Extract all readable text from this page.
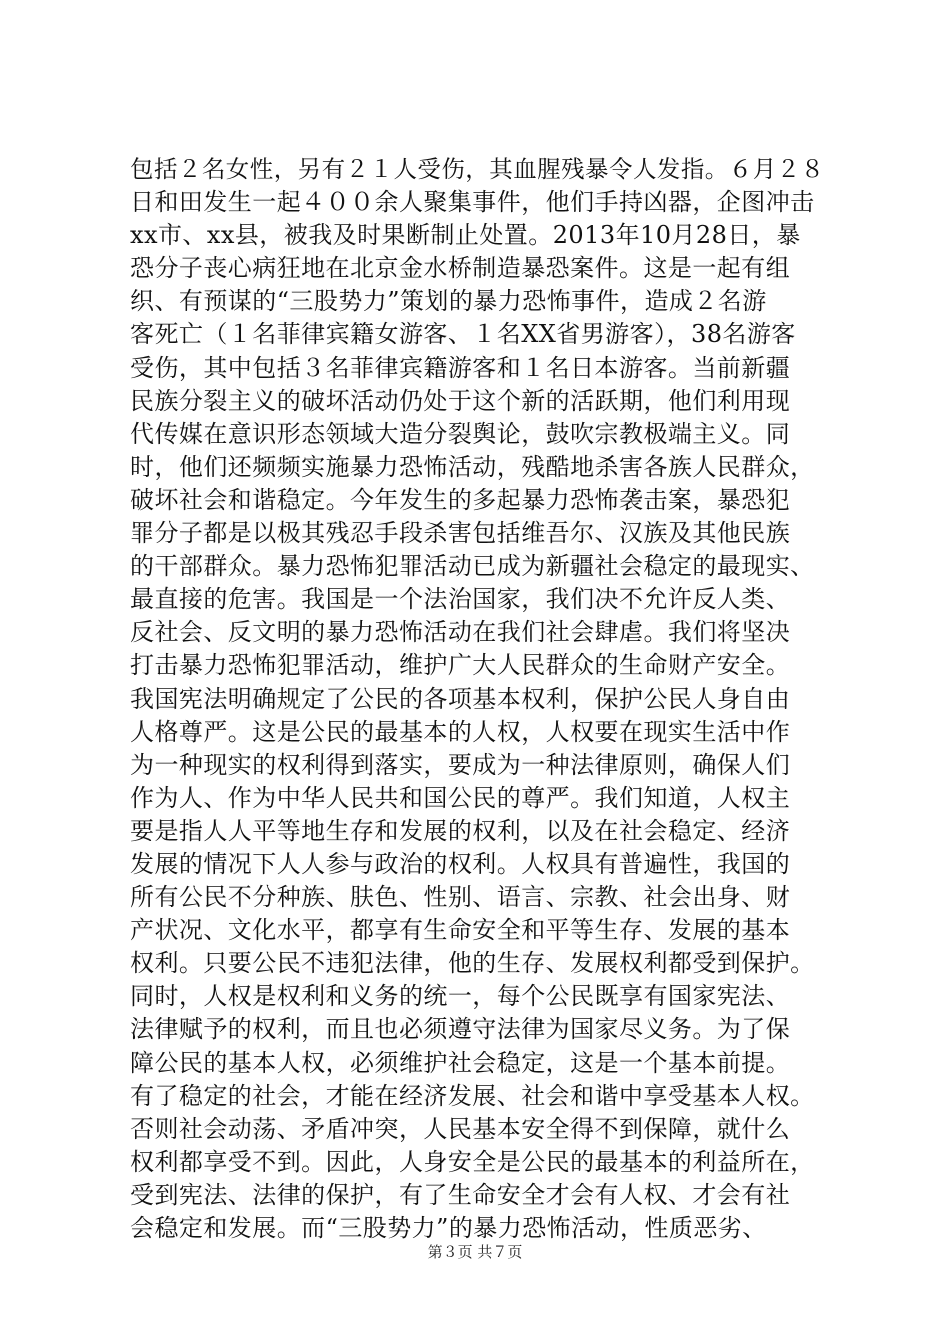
包括２名女性，另有２１人受伤，其血腥残暴令人发指。６月２８
日和田发生一起４００余人聚集事件，他们手持凶器，企图冲击
xx市、xx县，被我及时果断制止处置。2013年10月28日，暴
恐分子丧心病狂地在北京金水桥制造暴恐案件。这是一起有组
织、有预谋的“三股势力”策划的暴力恐怖事件，造成２名游
客死亡（１名菲律宾籍女游客、１名XX省男游客），38名游客
受伤，其中包括３名菲律宾籍游客和１名日本游客。当前新疆
民族分裂主义的破坏活动仍处于这个新的活跃期，他们利用现
代传媒在意识形态领域大造分裂舆论，鼓吹宗教极端主义。同
时，他们还频频实施暴力恐怖活动，残酷地杀害各族人民群众，
破坏社会和谐稳定。今年发生的多起暴力恐怖袭击案，暴恐犯
罪分子都是以极其残忍手段杀害包括维吾尔、汉族及其他民族
的干部群众。暴力恐怖犯罪活动已成为新疆社会稳定的最现实、
最直接的危害。我国是一个法治国家，我们决不允许反人类、
反社会、反文明的暴力恐怖活动在我们社会肆虐。我们将坚决
打击暴力恐怖犯罪活动，维护广大人民群众的生命财产安全。
我国宪法明确规定了公民的各项基本权利，保护公民人身自由
人格尊严。这是公民的最基本的人权，人权要在现实生活中作
为一种现实的权利得到落实，要成为一种法律原则，确保人们
作为人、作为中华人民共和国公民的尊严。我们知道，人权主
要是指人人平等地生存和发展的权利，以及在社会稳定、经济
发展的情况下人人参与政治的权利。人权具有普遍性，我国的
所有公民不分种族、肤色、性别、语言、宗教、社会出身、财
产状况、文化水平，都享有生命安全和平等生存、发展的基本
权利。只要公民不违犯法律，他的生存、发展权利都受到保护。
同时，人权是权利和义务的统一，每个公民既享有国家宪法、
法律赋予的权利，而且也必须遵守法律为国家尽义务。为了保
障公民的基本人权，必须维护社会稳定，这是一个基本前提。
有了稳定的社会，才能在经济发展、社会和谐中享受基本人权。
否则社会动荡、矛盾冲突，人民基本安全得不到保障，就什么
权利都享受不到。因此，人身安全是公民的最基本的利益所在，
受到宪法、法律的保护，有了生命安全才会有人权、才会有社
会稳定和发展。而“三股势力”的暴力恐怖活动，性质恶劣、
第３页 共７页
